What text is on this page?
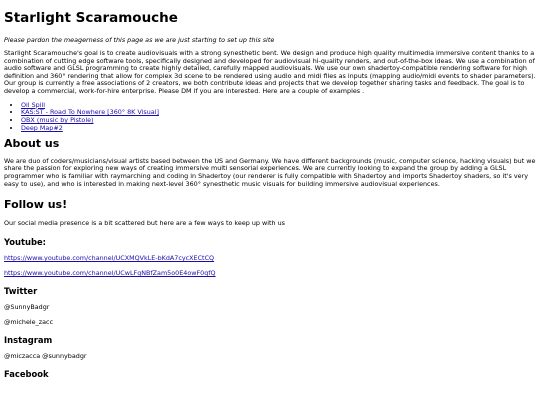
Starlight Scaramouche

Please pardon the meagerness of this page as we are just starting to set up this site

Starlight Scaramouche's goal is to create audiovisuals with a strong synesthetic bent. We design and produce high quality multimedia immersive content thanks to a combination of cutting edge software tools, specifically designed and developed for audiovisual hi-quality renders, and out-of-the-box ideas. We use a combination of audio software and GLSL programming to create highly detailed, carefully mapped audiovisuals. We use our own shadertoy-compatible rendering software for high definition and 360° rendering that allow for complex 3d scene to be rendered using audio and midi files as inputs (mapping audio/midi events to shader parameters). Our group is currently a free associations of 2 creators, we both contribute ideas and projects that we develop together sharing tasks and feedback. The goal is to develop a commercial, work-for-hire enterprise. Please DM if you are interested. Here are a couple of examples .

• Oil Spill
• KAS:ST - Road To Nowhere [360° 8K Visual]
• OBX (music by Pistole)
• Deep Map#2
About us

We are duo of coders/musicians/visual artists based between the US and Germany. We have different backgrounds (music, computer science, hacking visuals) but we share the passion for exploring new ways of creating immersive multi sensorial experiences. We are currently looking to expand the group by adding a GLSL programmer who is familiar with raymarching and coding in Shadertoy (our renderer is fully compatible with Shadertoy and imports Shadertoy shaders, so it's very easy to use), and who is interested in making next-level 360° synesthetic music visuals for building immersive audiovisual experiences.

Follow us!

Our social media presence is a bit scattered but here are a few ways to keep up with us

Youtube:

https://www.youtube.com/channel/UCXMQVkLE-bKdA7cycXECtCQ

https://www.youtube.com/channel/UCwLFgNBfZam5o0E4owF0qfQ

Twitter

@SunnyBadgr

@michele_zacc

Instagram

@miczacca @sunnybadgr

Facebook
